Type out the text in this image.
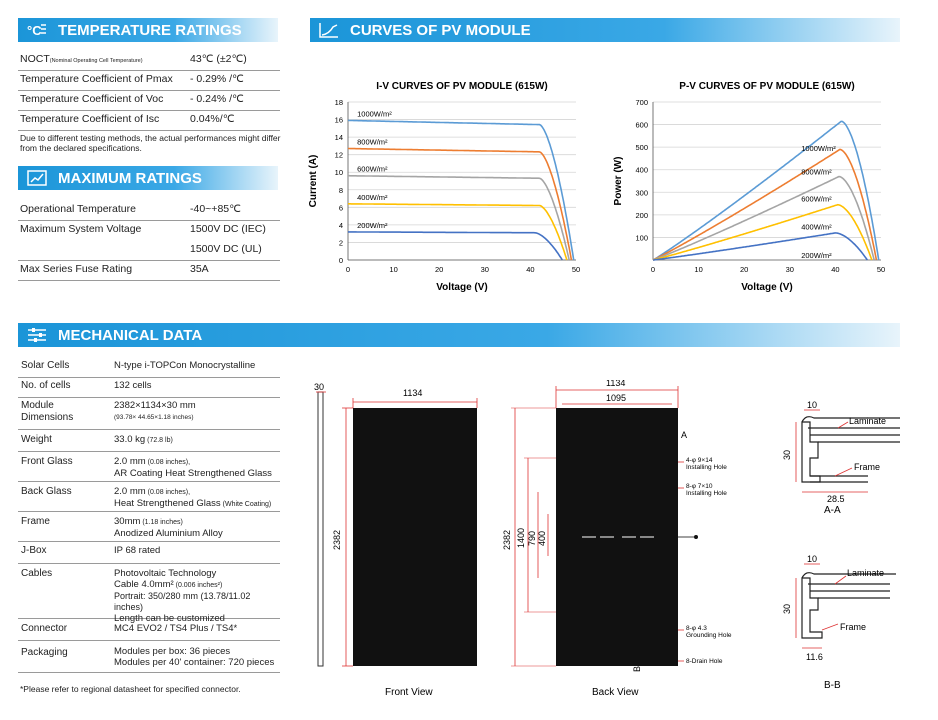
°C TEMPERATURE RATINGS
NOCT(Nominal Operating Cell Temperature)	43℃ (±2℃)
Temperature Coefficient of Pmax - 0.29% /℃
Temperature Coefficient of Voc	- 0.24% /℃
Temperature Coefficient of Isc	0.04%/℃
Due to different testing methods, the actual performances might differ from the declared specifications.
MAXIMUM RATINGS
Operational Temperature	-40~+85℃
Maximum System Voltage	1500V DC (IEC)
1500V DC (UL)
Max Series Fuse Rating	35A
CURVES OF PV MODULE
I-V CURVES OF PV MODULE (615W)
0
2
4
6
8
10
12
14
16
18
0	10	20	30	40	50
Voltage (V)
Current (A)
1000W/m²
800W/m²
600W/m²
400W/m²
200W/m²
P-V CURVES OF PV MODULE (615W)
100
200
300
400
500
600
700
0	10	20	30	40	50
Voltage (V)
Power (W)
1000W/m²
800W/m²
600W/m²
400W/m²
200W/m²
MECHANICAL DATA
Solar Cells	N-type i-TOPCon Monocrystalline
No. of cells	132 cells
Module Dimensions
2382×1134×30 mm
(93.78× 44.65×1.18 inches)
Weight	33.0 kg (72.8 lb)
Front Glass	2.0 mm (0.08 inches),
AR Coating Heat Strengthened Glass
Back Glass	2.0 mm (0.08 inches),
Heat Strengthened Glass (White Coating)
Frame	30mm (1.18 inches)
Anodized Aluminium Alloy
J-Box	IP 68 rated
Cables	Photovoltaic Technology
Cable 4.0mm² (0.006 inches²)
Portrait: 350/280 mm (13.78/11.02 inches)
Length can be customized
Connector	MC4 EVO2 / TS4 Plus / TS4*
Packaging	Modules per box: 36 pieces
Modules per 40' container: 720 pieces
*Please refer to regional datasheet for specified connector.
30
1134
2382
Front View
1134
1095
2382 1400 790 400
A
B
4-φ 9×14
Installing Hole
8-φ 7×10
Installing Hole
8-φ 4.3
Grounding Hole
8-Drain Hole
Back View
10
30
28.5
Laminate
Frame
A-A
10
30
11.6
Laminate
Frame
B-B
